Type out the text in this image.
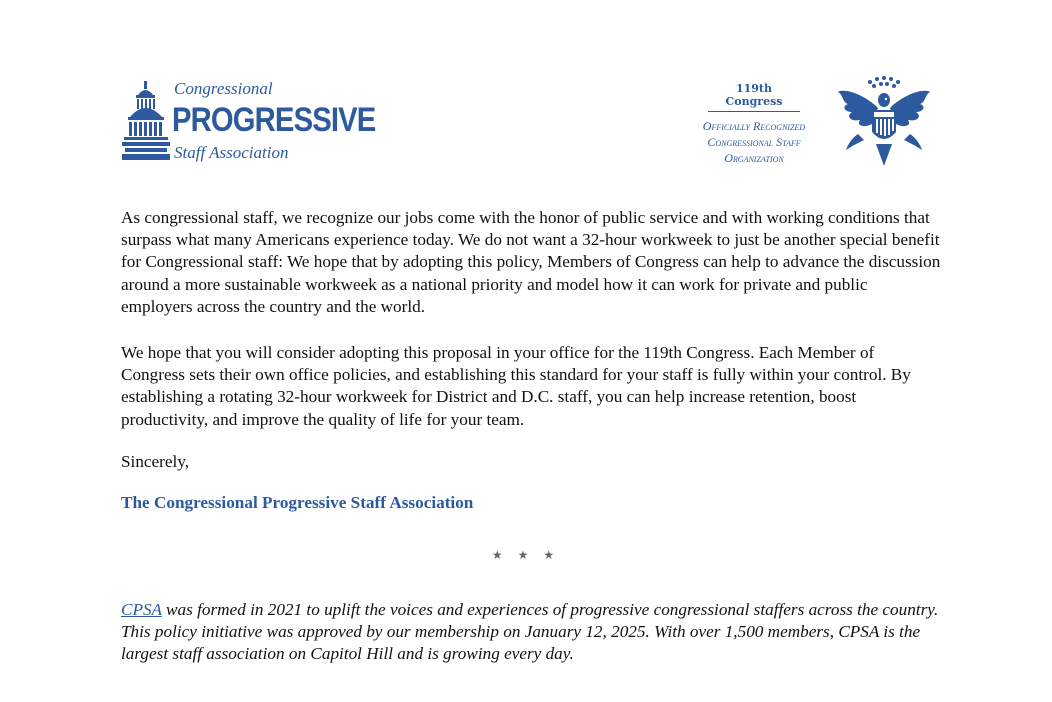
Congressional
PROGRESSIVE
Staff Association
119th Congress
Officially Recognized
Congressional Staff
Organization

As congressional staff, we recognize our jobs come with the honor of public service and with working conditions that surpass what many Americans experience today. We do not want a 32-hour workweek to just be another special benefit for Congressional staff: We hope that by adopting this policy, Members of Congress can help to advance the discussion around a more sustainable workweek as a national priority and model how it can work for private and public employers across the country and the world.

We hope that you will consider adopting this proposal in your office for the 119th Congress. Each Member of Congress sets their own office policies, and establishing this standard for your staff is fully within your control. By establishing a rotating 32-hour workweek for District and D.C. staff, you can help increase retention, boost productivity, and improve the quality of life for your team.

Sincerely,

The Congressional Progressive Staff Association

★ ★ ★

CPSA was formed in 2021 to uplift the voices and experiences of progressive congressional staffers across the country. This policy initiative was approved by our membership on January 12, 2025. With over 1,500 members, CPSA is the largest staff association on Capitol Hill and is growing every day.
